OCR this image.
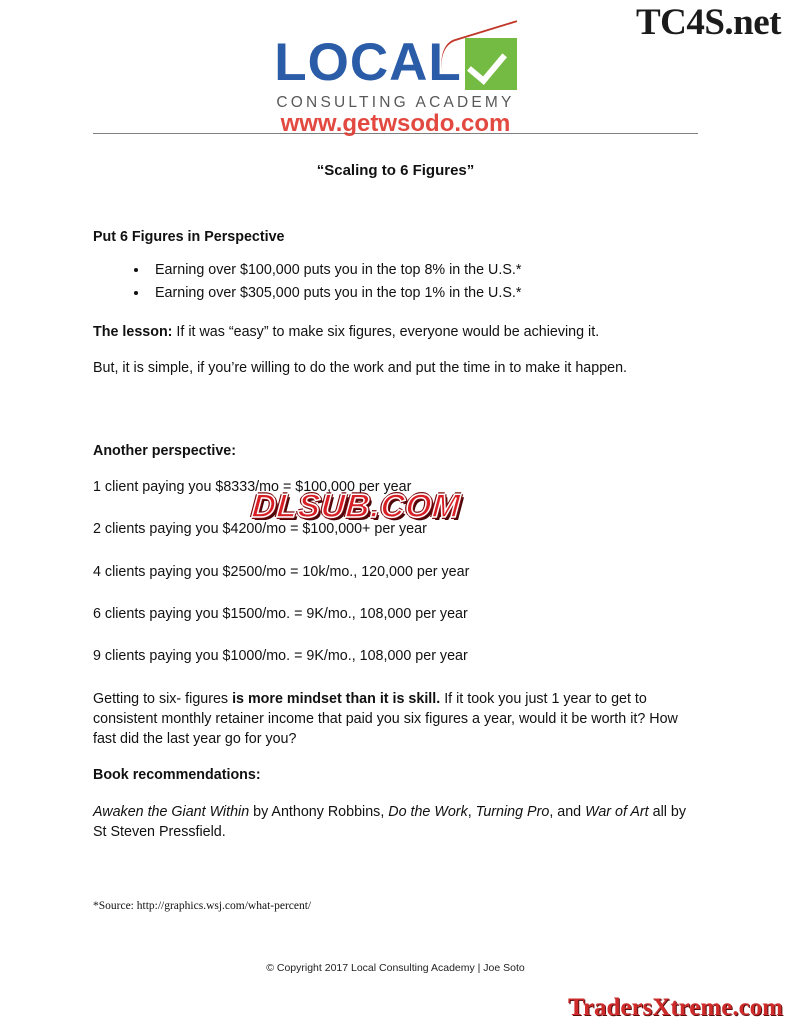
TC4S.net
LOCAL
CONSULTING ACADEMY
www.getwsodo.com
“Scaling to 6 Figures”
Put 6 Figures in Perspective
• Earning over $100,000 puts you in the top 8% in the U.S.*
• Earning over $305,000 puts you in the top 1% in the U.S.*

The lesson: If it was “easy” to make six figures, everyone would be achieving it.

But, it is simple, if you’re willing to do the work and put the time in to make it happen.

Another perspective:

1 client paying you $8333/mo = $100,000 per year

2 clients paying you $4200/mo = $100,000+ per year

4 clients paying you $2500/mo = 10k/mo., 120,000 per year

6 clients paying you $1500/mo. = 9K/mo., 108,000 per year

9 clients paying you $1000/mo. = 9K/mo., 108,000 per year

Getting to six- figures is more mindset than it is skill. If it took you just 1 year to get to consistent monthly retainer income that paid you six figures a year, would it be worth it? How fast did the last year go for you?

Book recommendations:

Awaken the Giant Within by Anthony Robbins, Do the Work, Turning Pro, and War of Art all by St Steven Pressfield.

DLSUB.COM
*Source: http://graphics.wsj.com/what-percent/
© Copyright 2017 Local Consulting Academy | Joe Soto
TradersXtreme.com
